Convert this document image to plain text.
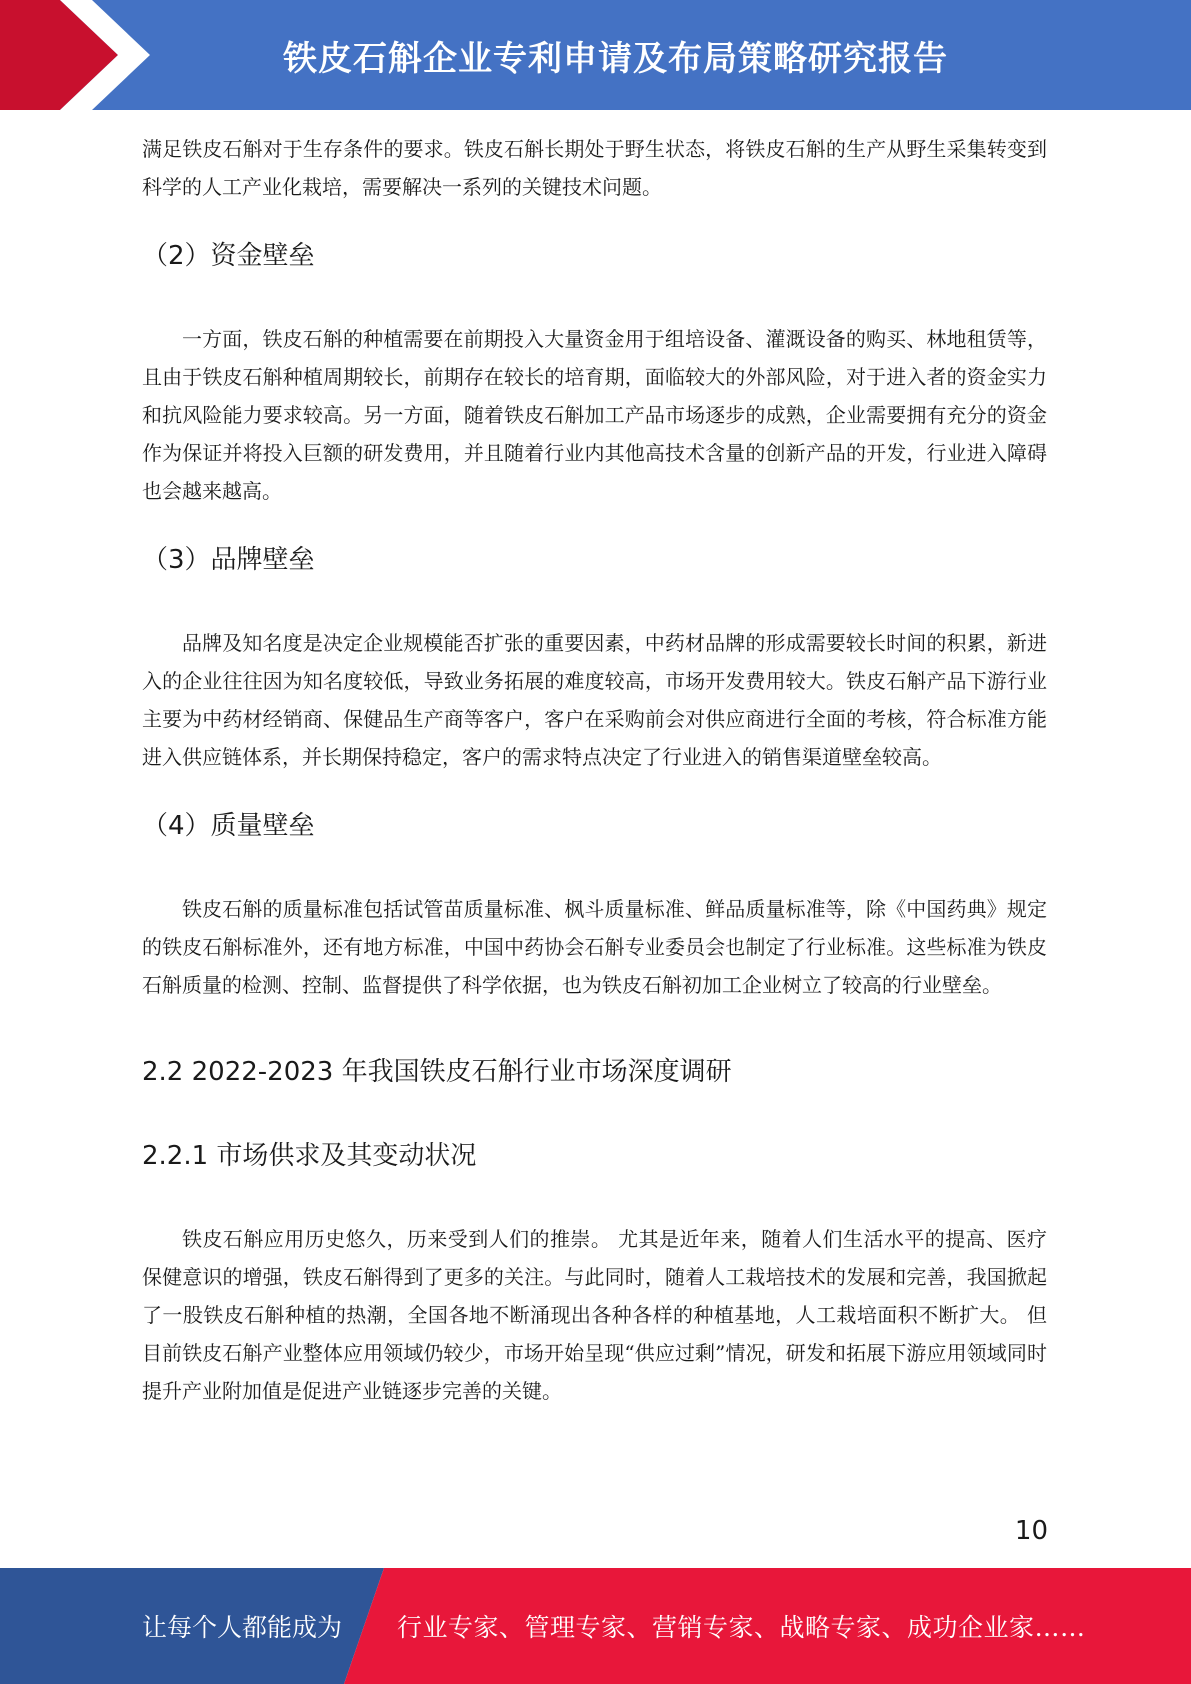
铁皮石斛企业专利申请及布局策略研究报告

满足铁皮石斛对于生存条件的要求。铁皮石斛长期处于野生状态，将铁皮石斛的生产从野生采集转变到科学的人工产业化栽培，需要解决一系列的关键技术问题。

（2）资金壁垒

一方面，铁皮石斛的种植需要在前期投入大量资金用于组培设备、灌溉设备的购买、林地租赁等，且由于铁皮石斛种植周期较长，前期存在较长的培育期，面临较大的外部风险，对于进入者的资金实力和抗风险能力要求较高。另一方面，随着铁皮石斛加工产品市场逐步的成熟，企业需要拥有充分的资金作为保证并将投入巨额的研发费用，并且随着行业内其他高技术含量的创新产品的开发，行业进入障碍也会越来越高。

（3）品牌壁垒

品牌及知名度是决定企业规模能否扩张的重要因素，中药材品牌的形成需要较长时间的积累，新进入的企业往往因为知名度较低，导致业务拓展的难度较高，市场开发费用较大。铁皮石斛产品下游行业主要为中药材经销商、保健品生产商等客户，客户在采购前会对供应商进行全面的考核，符合标准方能进入供应链体系，并长期保持稳定，客户的需求特点决定了行业进入的销售渠道壁垒较高。

（4）质量壁垒

铁皮石斛的质量标准包括试管苗质量标准、枫斗质量标准、鲜品质量标准等，除《中国药典》规定的铁皮石斛标准外，还有地方标准，中国中药协会石斛专业委员会也制定了行业标准。这些标准为铁皮石斛质量的检测、控制、监督提供了科学依据，也为铁皮石斛初加工企业树立了较高的行业壁垒。

2.2 2022-2023 年我国铁皮石斛行业市场深度调研
2.2.1 市场供求及其变动状况

铁皮石斛应用历史悠久，历来受到人们的推崇。 尤其是近年来，随着人们生活水平的提高、医疗保健意识的增强，铁皮石斛得到了更多的关注。与此同时，随着人工栽培技术的发展和完善，我国掀起了一股铁皮石斛种植的热潮，全国各地不断涌现出各种各样的种植基地，人工栽培面积不断扩大。 但目前铁皮石斛产业整体应用领域仍较少，市场开始呈现“供应过剩”情况，研发和拓展下游应用领域同时提升产业附加值是促进产业链逐步完善的关键。

10
让每个人都能成为 行业专家、管理专家、营销专家、战略专家、成功企业家……
